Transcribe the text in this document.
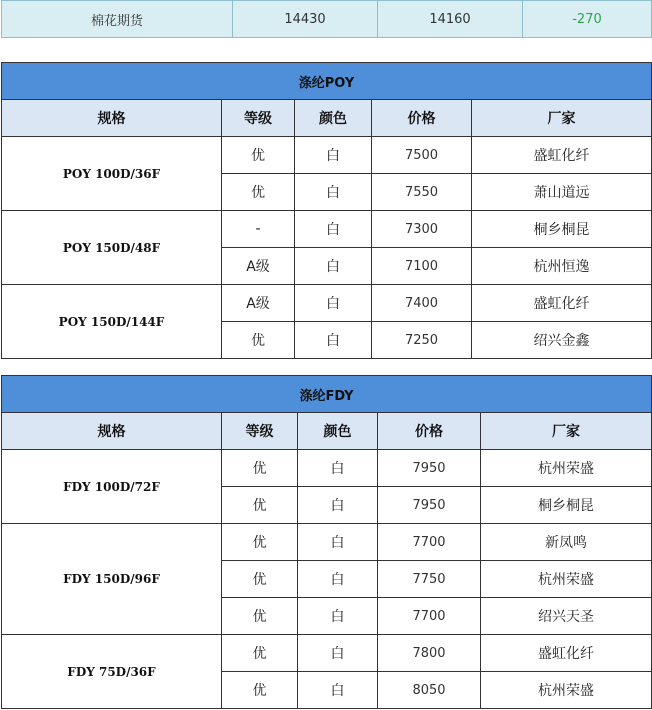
棉花期货	14430	14160	-270
涤纶POY				
规格	等级	颜色	价格	厂家
POY 100D/36F	优	白	7500	盛虹化纤
	优	白	7550	萧山道远
POY 150D/48F	-	白	7300	桐乡桐昆
	A级	白	7100	杭州恒逸
POY 150D/144F	A级	白	7400	盛虹化纤
	优	白	7250	绍兴金鑫
涤纶FDY				
规格	等级	颜色	价格	厂家
FDY 100D/72F	优	白	7950	杭州荣盛
	优	白	7950	桐乡桐昆
FDY 150D/96F	优	白	7700	新凤鸣
	优	白	7750	杭州荣盛
	优	白	7700	绍兴天圣
FDY 75D/36F	优	白	7800	盛虹化纤
	优	白	8050	杭州荣盛
